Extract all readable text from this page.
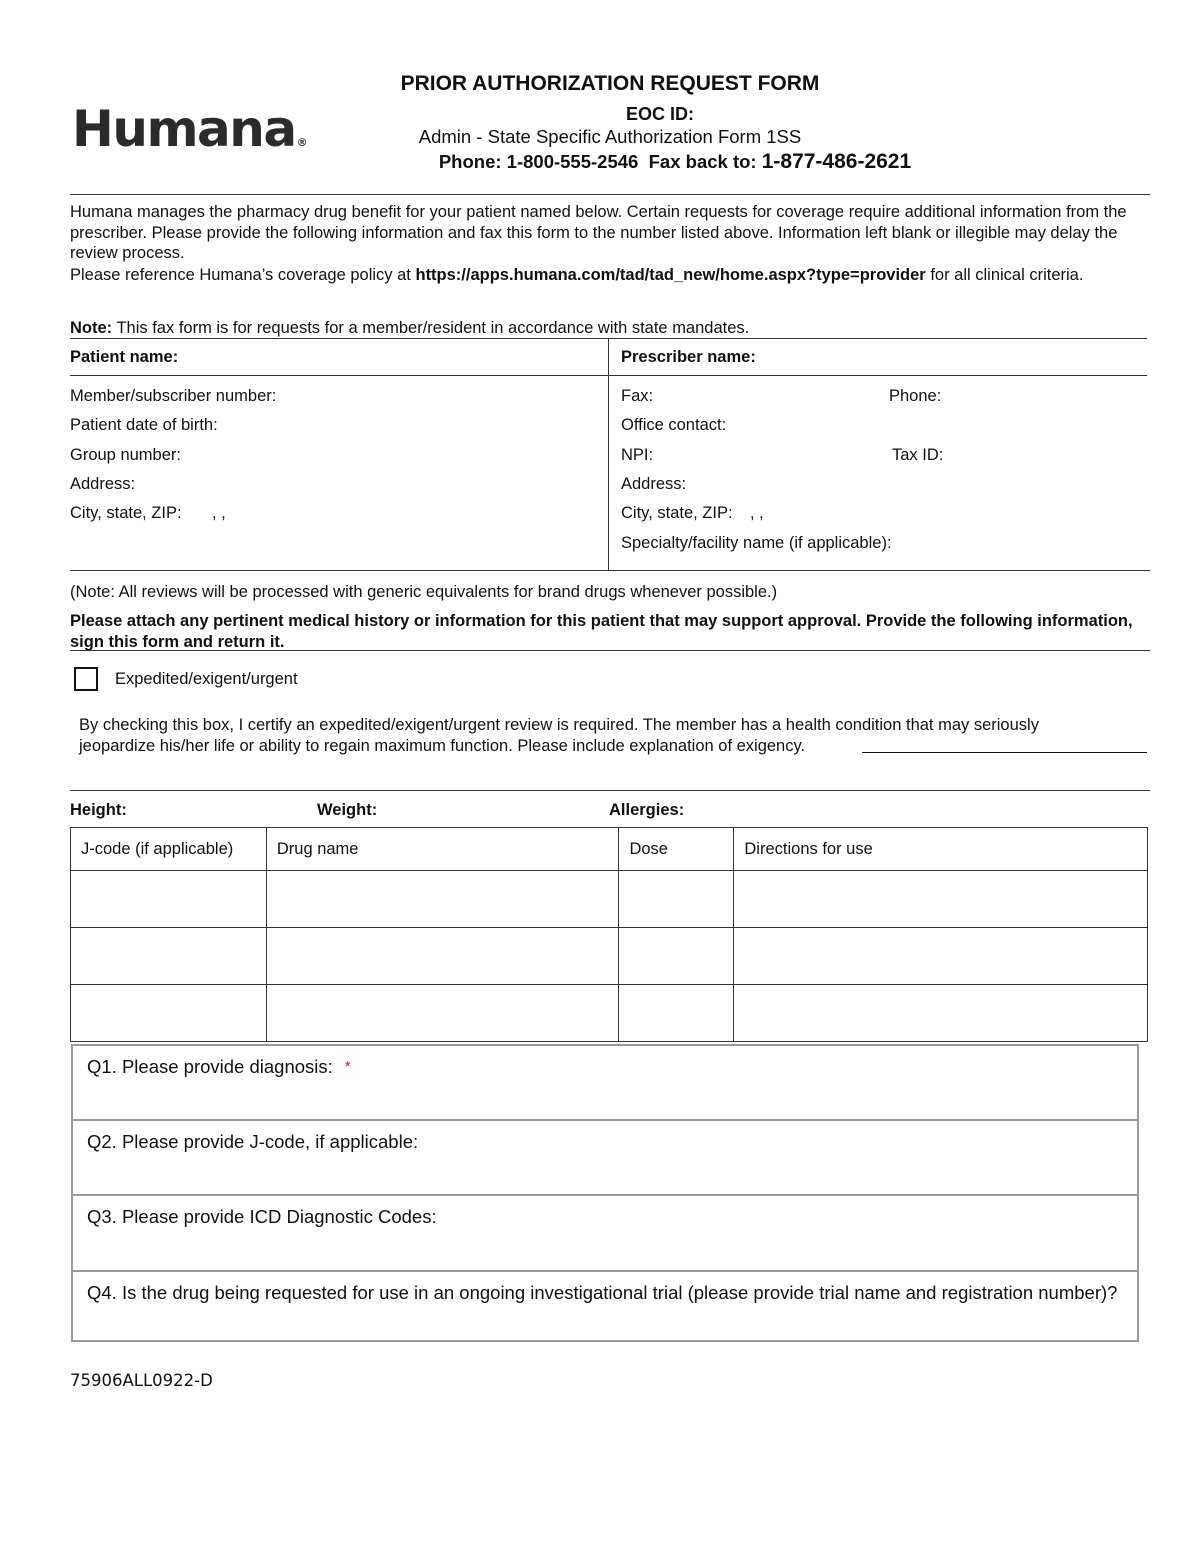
Humana®
PRIOR AUTHORIZATION REQUEST FORM
EOC ID:
Admin - State Specific Authorization Form 1SS
Phone: 1-800-555-2546 Fax back to: 1-877-486-2621
Humana manages the pharmacy drug benefit for your patient named below. Certain requests for coverage require additional information from the prescriber. Please provide the following information and fax this form to the number listed above. Information left blank or illegible may delay the review process.
Please reference Humana’s coverage policy at https://apps.humana.com/tad/tad_new/home.aspx?type=provider for all clinical criteria.
Note: This fax form is for requests for a member/resident in accordance with state mandates.
Patient name:	Prescriber name:
Member/subscriber number:
Patient date of birth:
Group number:
Address:
City, state, ZIP: , ,
Fax:	Phone:
Office contact:
NPI:	Tax ID:
Address:
City, state, ZIP: , ,
Specialty/facility name (if applicable):
(Note: All reviews will be processed with generic equivalents for brand drugs whenever possible.)
Please attach any pertinent medical history or information for this patient that may support approval. Provide the following information, sign this form and return it.
Expedited/exigent/urgent
By checking this box, I certify an expedited/exigent/urgent review is required. The member has a health condition that may seriously jeopardize his/her life or ability to regain maximum function. Please include explanation of exigency.
Height:	Weight:	Allergies:
J-code (if applicable)	Drug name	Dose	Directions for use

Q1. Please provide diagnosis: *
Q2. Please provide J-code, if applicable:
Q3. Please provide ICD Diagnostic Codes:
Q4. Is the drug being requested for use in an ongoing investigational trial (please provide trial name and registration number)?
75906ALL0922-D
